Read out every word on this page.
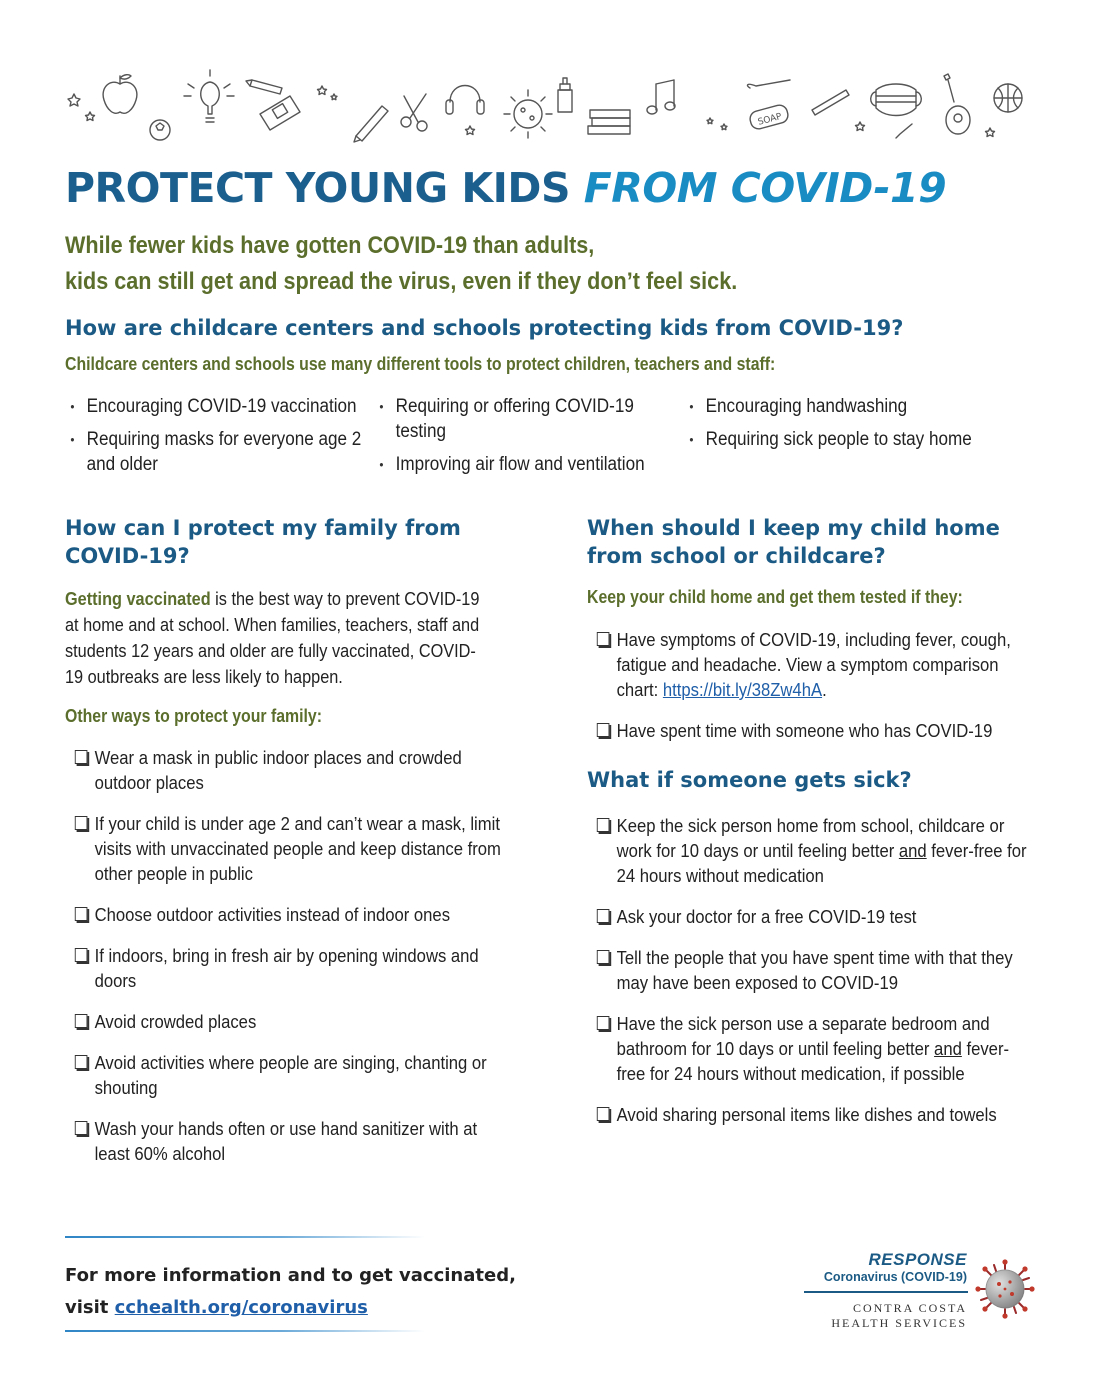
SOAP
PROTECT YOUNG KIDS FROM COVID-19
While fewer kids have gotten COVID-19 than adults,
kids can still get and spread the virus, even if they don’t feel sick.
How are childcare centers and schools protecting kids from COVID-19?
Childcare centers and schools use many different tools to protect children, teachers and staff:
• Encouraging COVID-19 vaccination
• Requiring masks for everyone age 2 and older
• Requiring or offering COVID-19 testing
• Improving air flow and ventilation
• Encouraging handwashing
• Requiring sick people to stay home
How can I protect my family from COVID-19?
Getting vaccinated is the best way to prevent COVID-19 at home and at school. When families, teachers, staff and students 12 years and older are fully vaccinated, COVID-19 outbreaks are less likely to happen.
Other ways to protect your family:
Wear a mask in public indoor places and crowded outdoor places
If your child is under age 2 and can’t wear a mask, limit visits with unvaccinated people and keep distance from other people in public
Choose outdoor activities instead of indoor ones
If indoors, bring in fresh air by opening windows and doors
Avoid crowded places
Avoid activities where people are singing, chanting or shouting
Wash your hands often or use hand sanitizer with at least 60% alcohol
When should I keep my child home from school or childcare?
Keep your child home and get them tested if they:
Have symptoms of COVID-19, including fever, cough, fatigue and headache. View a symptom comparison chart: https://bit.ly/38Zw4hA.
Have spent time with someone who has COVID-19
What if someone gets sick?
Keep the sick person home from school, childcare or work for 10 days or until feeling better and fever-free for 24 hours without medication
Ask your doctor for a free COVID-19 test
Tell the people that you have spent time with that they may have been exposed to COVID-19
Have the sick person use a separate bedroom and bathroom for 10 days or until feeling better and fever-free for 24 hours without medication, if possible
Avoid sharing personal items like dishes and towels
For more information and to get vaccinated,
visit cchealth.org/coronavirus
RESPONSE
Coronavirus (COVID-19)
CONTRA COSTA
HEALTH SERVICES
